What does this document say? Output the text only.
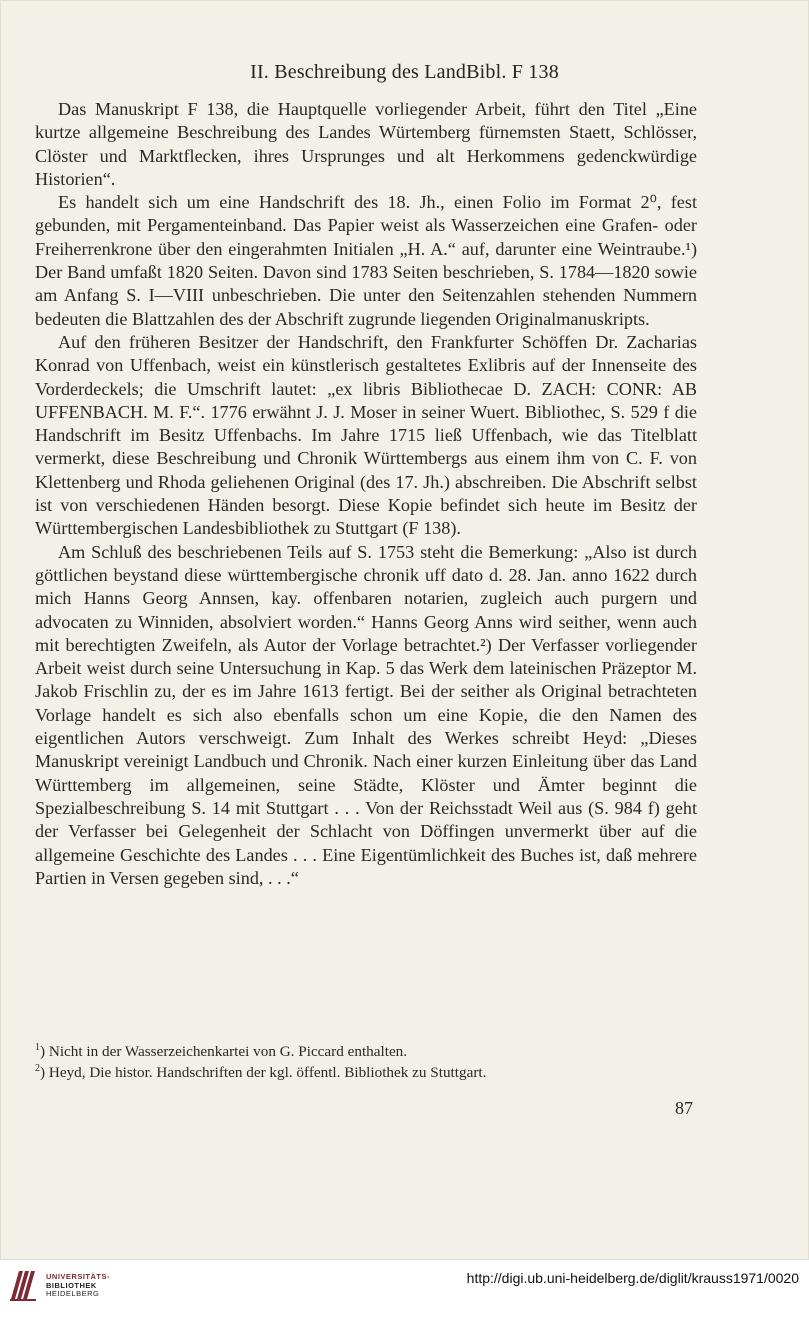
II. Beschreibung des LandBibl. F 138

Das Manuskript F 138, die Hauptquelle vorliegender Arbeit, führt den Titel „Eine kurtze allgemeine Beschreibung des Landes Würtemberg fürnemsten Staett, Schlösser, Clöster und Marktflecken, ihres Ursprunges und alt Herkommens gedenckwürdige Historien“.

Es handelt sich um eine Handschrift des 18. Jh., einen Folio im Format 2⁰, fest gebunden, mit Pergamenteinband. Das Papier weist als Wasserzeichen eine Grafen- oder Freiherrenkrone über den eingerahmten Initialen „H. A.“ auf, darunter eine Weintraube.¹) Der Band umfaßt 1820 Seiten. Davon sind 1783 Seiten beschrieben, S. 1784—1820 sowie am Anfang S. I—VIII unbeschrieben. Die unter den Seitenzahlen stehenden Nummern bedeuten die Blattzahlen des der Abschrift zugrunde liegenden Originalmanuskripts.

Auf den früheren Besitzer der Handschrift, den Frankfurter Schöffen Dr. Zacharias Konrad von Uffenbach, weist ein künstlerisch gestaltetes Exlibris auf der Innenseite des Vorderdeckels; die Umschrift lautet: „ex libris Bibliothecae D. ZACH: CONR: AB UFFENBACH. M. F.“. 1776 erwähnt J. J. Moser in seiner Wuert. Bibliothec, S. 529 f die Handschrift im Besitz Uffenbachs. Im Jahre 1715 ließ Uffenbach, wie das Titelblatt vermerkt, diese Beschreibung und Chronik Württembergs aus einem ihm von C. F. von Klettenberg und Rhoda geliehenen Original (des 17. Jh.) abschreiben. Die Abschrift selbst ist von verschiedenen Händen besorgt. Diese Kopie befindet sich heute im Besitz der Württembergischen Landesbibliothek zu Stuttgart (F 138).

Am Schluß des beschriebenen Teils auf S. 1753 steht die Bemerkung: „Also ist durch göttlichen beystand diese württembergische chronik uff dato d. 28. Jan. anno 1622 durch mich Hanns Georg Annsen, kay. offenbaren notarien, zugleich auch purgern und advocaten zu Winniden, absolviert worden.“ Hanns Georg Anns wird seither, wenn auch mit berechtigten Zweifeln, als Autor der Vorlage betrachtet.²) Der Verfasser vorliegender Arbeit weist durch seine Untersuchung in Kap. 5 das Werk dem lateinischen Präzeptor M. Jakob Frischlin zu, der es im Jahre 1613 fertigt. Bei der seither als Original betrachteten Vorlage handelt es sich also ebenfalls schon um eine Kopie, die den Namen des eigentlichen Autors verschweigt. Zum Inhalt des Werkes schreibt Heyd: „Dieses Manuskript vereinigt Landbuch und Chronik. Nach einer kurzen Einleitung über das Land Württemberg im allgemeinen, seine Städte, Klöster und Ämter beginnt die Spezialbeschreibung S. 14 mit Stuttgart . . . Von der Reichsstadt Weil aus (S. 984 f) geht der Verfasser bei Gelegenheit der Schlacht von Döffingen unvermerkt über auf die allgemeine Geschichte des Landes . . . Eine Eigentümlichkeit des Buches ist, daß mehrere Partien in Versen gegeben sind, . . .“

$^1$) Nicht in der Wasserzeichenkartei von G. Piccard enthalten.

$^2$) Heyd, Die histor. Handschriften der kgl. öffentl. Bibliothek zu Stuttgart.

87
UNIVERSITÄTS-
BIBLIOTHEK
HEIDELBERG
http://digi.ub.uni-heidelberg.de/diglit/krauss1971/0020
